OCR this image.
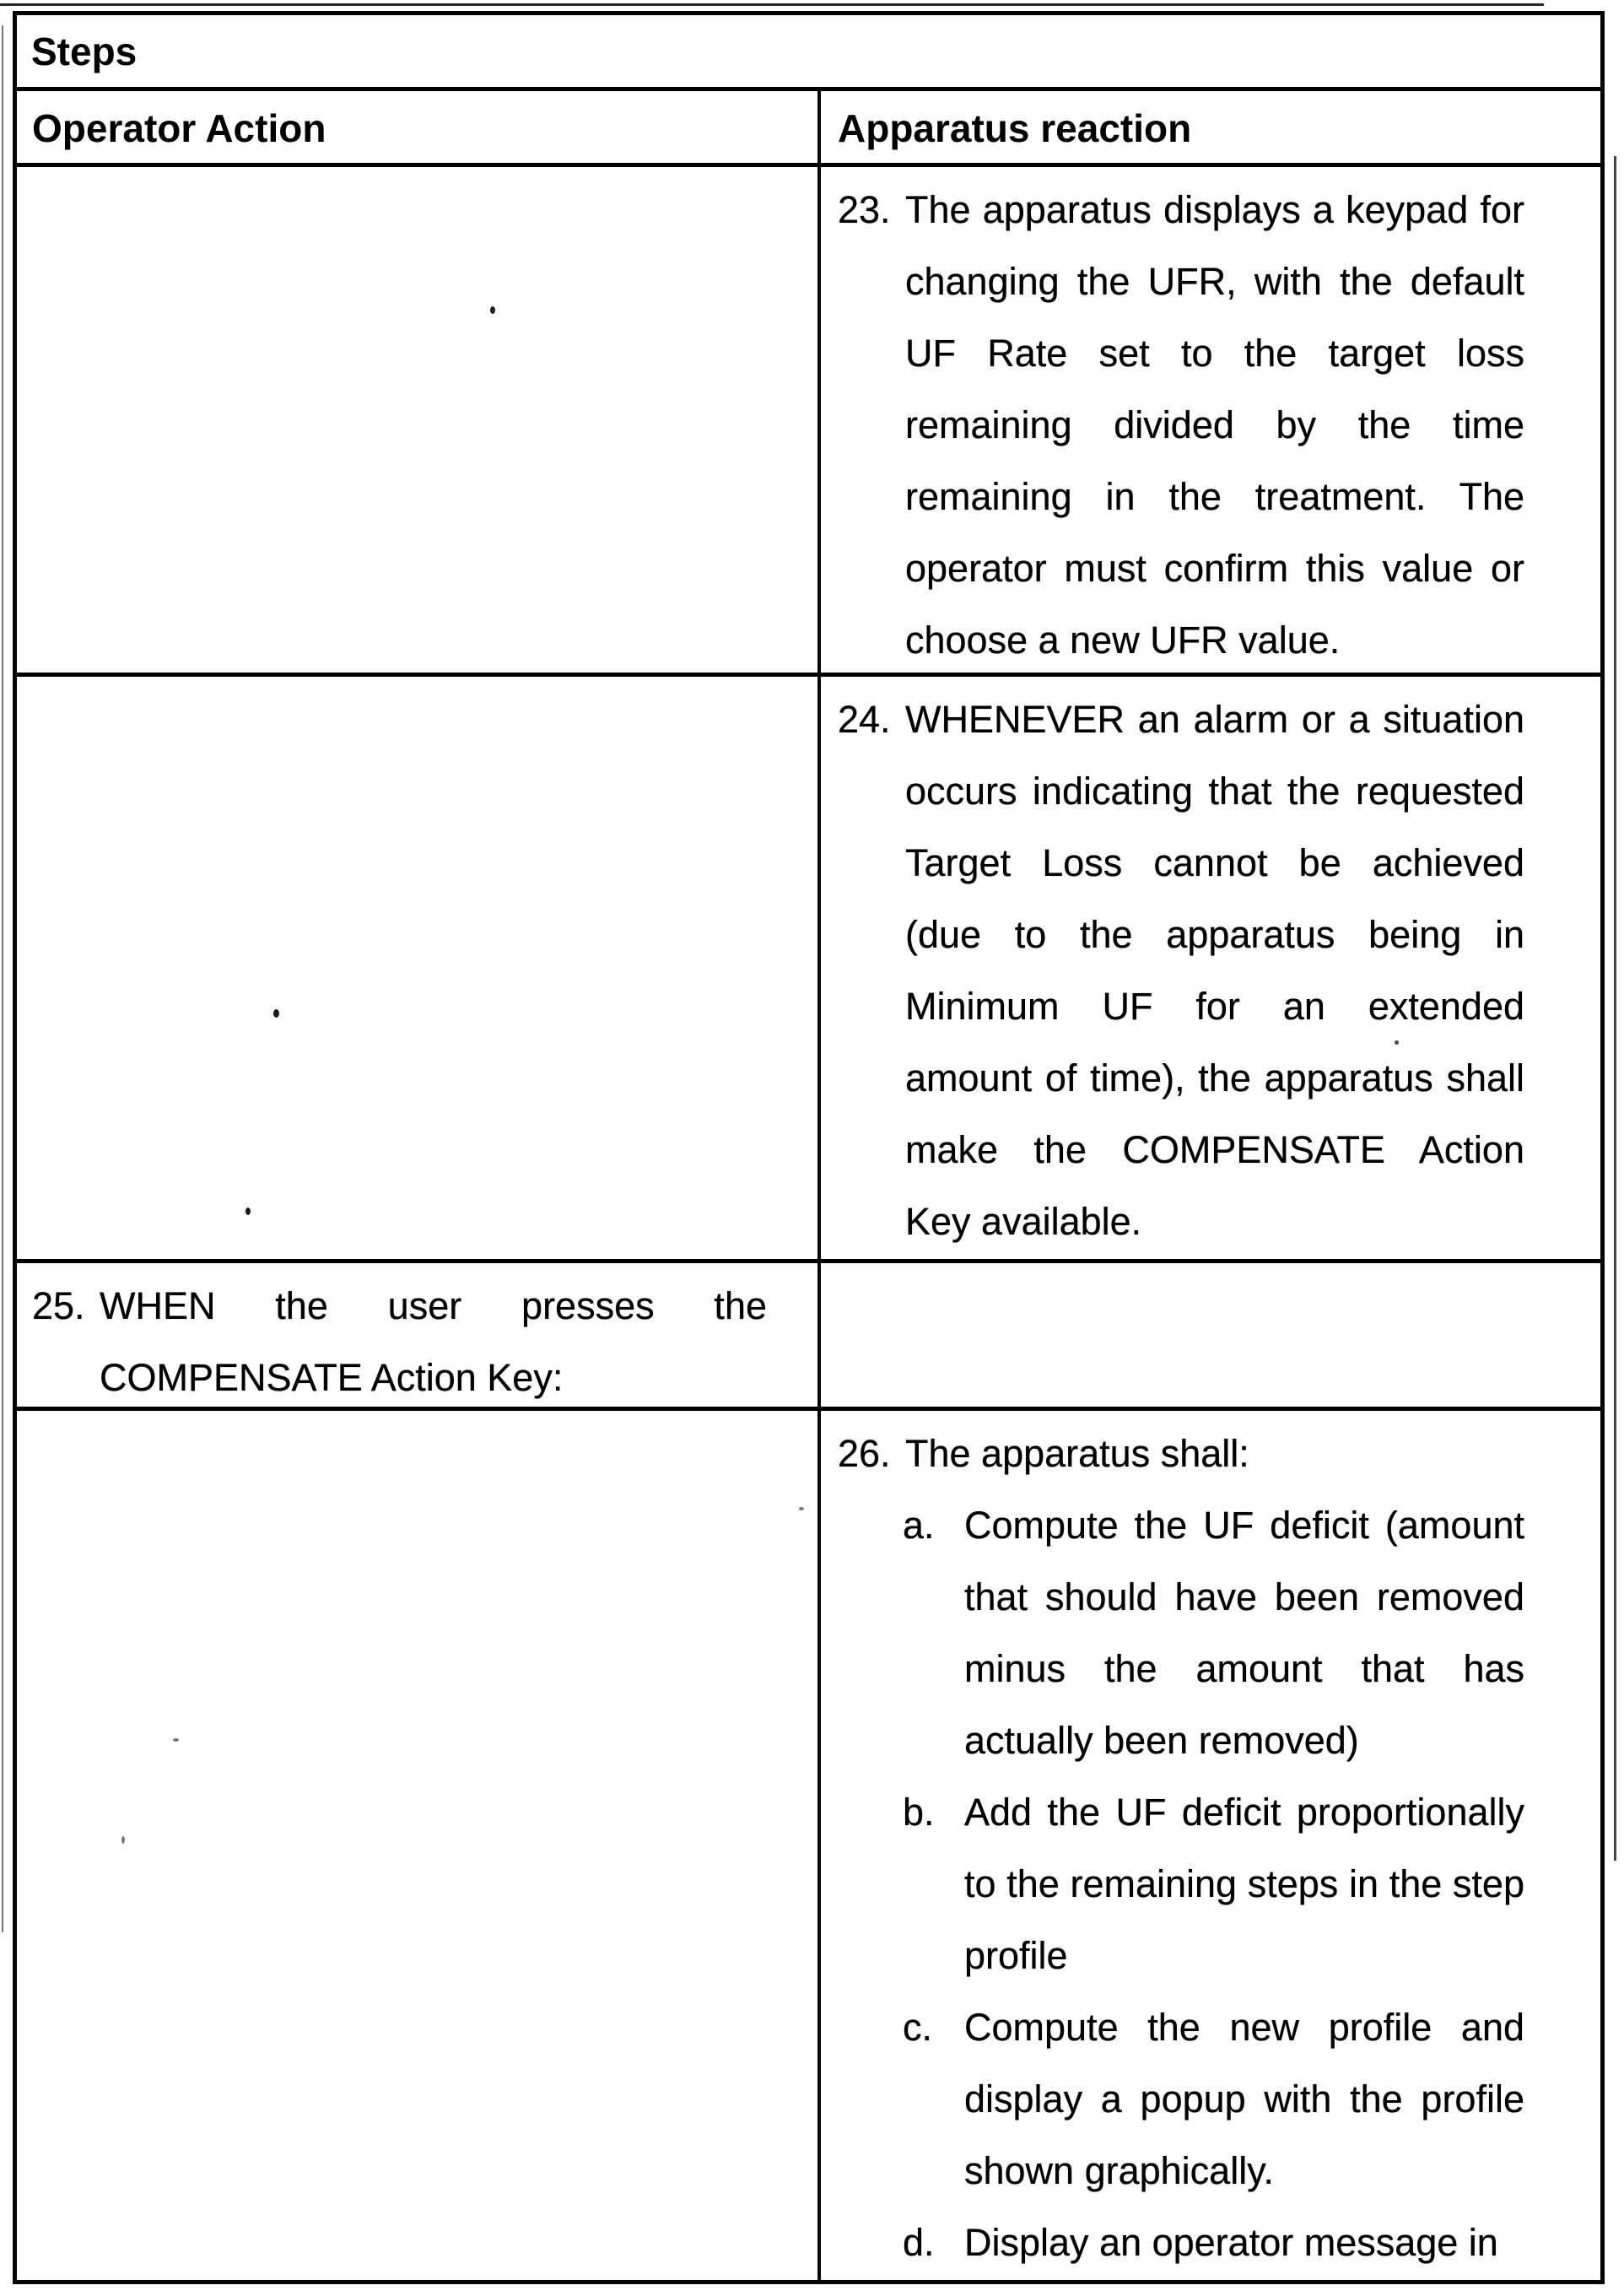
Steps
Operator Action	Apparatus reaction

23. The apparatus displays a keypad for changing the UFR, with the default UF Rate set to the target loss remaining divided by the time remaining in the treatment. The operator must confirm this value or choose a new UFR value.

24. WHENEVER an alarm or a situation occurs indicating that the requested Target Loss cannot be achieved (due to the apparatus being in Minimum UF for an extended amount of time), the apparatus shall make the COMPENSATE Action Key available.

25. WHEN the user presses the COMPENSATE Action Key:

26. The apparatus shall:

a. Compute the UF deficit (amount that should have been removed minus the amount that has actually been removed)

b. Add the UF deficit proportionally to the remaining steps in the step profile

c. Compute the new profile and display a popup with the profile shown graphically.

d. Display an operator message in
